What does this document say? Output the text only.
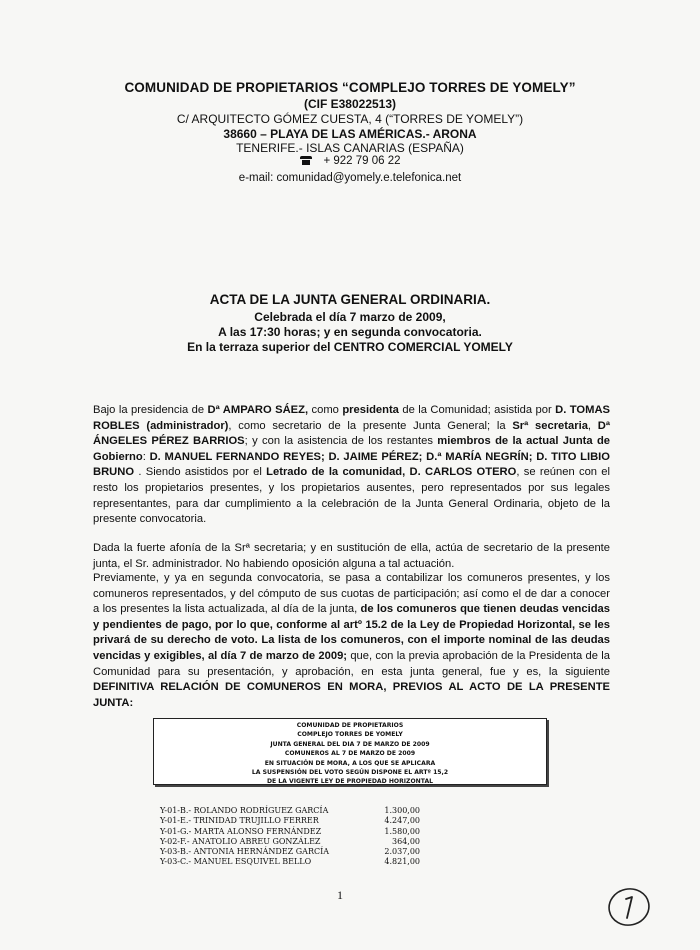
COMUNIDAD DE PROPIETARIOS “COMPLEJO TORRES DE YOMELY”
(CIF E38022513)
C/ ARQUITECTO GÓMEZ CUESTA, 4 (“TORRES DE YOMELY”)
38660 – PLAYA DE LAS AMÉRICAS.- ARONA
TENERIFE.- ISLAS CANARIAS (ESPAÑA)
+ 922 79 06 22
e-mail: comunidad@yomely.e.telefonica.net
ACTA DE LA JUNTA GENERAL ORDINARIA.
Celebrada el día 7 marzo de 2009,
A las 17:30 horas; y en segunda convocatoria.
En la terraza superior del CENTRO COMERCIAL YOMELY
Bajo la presidencia de Dª AMPARO SÁEZ, como presidenta de la Comunidad; asistida por D. TOMAS ROBLES (administrador), como secretario de la presente Junta General; la Srª secretaria, Dª ÁNGELES PÉREZ BARRIOS; y con la asistencia de los restantes miembros de la actual Junta de Gobierno: D. MANUEL FERNANDO REYES; D. JAIME PÉREZ; D.ª MARÍA NEGRÍN; D. TITO LIBIO BRUNO . Siendo asistidos por el Letrado de la comunidad, D. CARLOS OTERO, se reúnen con el resto los propietarios presentes, y los propietarios ausentes, pero representados por sus legales representantes, para dar cumplimiento a la celebración de la Junta General Ordinaria, objeto de la presente convocatoria.
Dada la fuerte afonía de la Srª secretaria; y en sustitución de ella, actúa de secretario de la presente junta, el Sr. administrador. No habiendo oposición alguna a tal actuación.
Previamente, y ya en segunda convocatoria, se pasa a contabilizar los comuneros presentes, y los comuneros representados, y del cómputo de sus cuotas de participación; así como el de dar a conocer a los presentes la lista actualizada, al día de la junta, de los comuneros que tienen deudas vencidas y pendientes de pago, por lo que, conforme al artº 15.2 de la Ley de Propiedad Horizontal, se les privará de su derecho de voto. La lista de los comuneros, con el importe nominal de las deudas vencidas y exigibles, al día 7 de marzo de 2009; que, con la previa aprobación de la Presidenta de la Comunidad para su presentación, y aprobación, en esta junta general, fue y es, la siguiente DEFINITIVA RELACIÓN DE COMUNEROS EN MORA, PREVIOS AL ACTO DE LA PRESENTE JUNTA:
COMUNIDAD DE PROPIETARIOS
COMPLEJO TORRES DE YOMELY
JUNTA GENERAL DEL DIA 7 DE MARZO DE 2009
COMUNEROS AL 7 DE MARZO DE 2009
EN SITUACIÓN DE MORA, A LOS QUE SE APLICARA
LA SUSPENSIÓN DEL VOTO SEGÚN DISPONE EL ARTº 15,2
DE LA VIGENTE LEY DE PROPIEDAD HORIZONTAL
Y-01-B.- ROLANDO RODRÍGUEZ GARCÍA	1.300,00
Y-01-E.- TRINIDAD TRUJILLO FERRER	4.247,00
Y-01-G.- MARTA ALONSO FERNÁNDEZ	1.580,00
Y-02-F.- ANATOLIO ABREU GONZÁLEZ	364,00
Y-03-B.- ANTONIA HERNÁNDEZ GARCÍA	2.037,00
Y-03-C.- MANUEL ESQUIVEL BELLO	4.821,00
1
